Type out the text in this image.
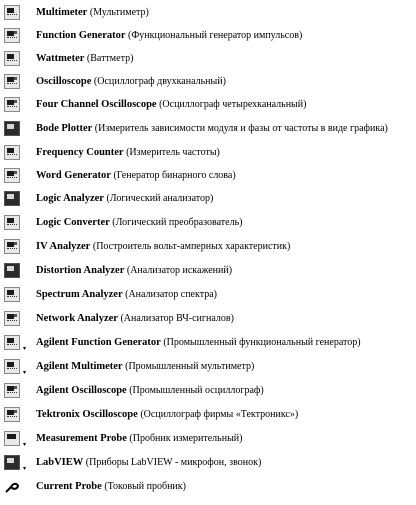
Multimeter (Мультиметр)
Function Generator (Функциональный генератор импульсов)
Wattmeter (Ваттметр)
Oscilloscope (Осциллограф двухканальный)
Four Channel Oscilloscope (Осциллограф четырехканальный)
Bode Plotter (Измеритель зависимости модуля и фазы от частоты в виде графика)
Frequency Counter (Измеритель частоты)
Word Generator (Генератор бинарного слова)
Logic Analyzer (Логический анализатор)
Logic Converter (Логический преобразователь)
IV Analyzer (Построитель вольт-амперных характеристик)
Distortion Analyzer (Анализатор искажений)
Spectrum Analyzer (Анализатор спектра)
Network Analyzer (Анализатор ВЧ-сигналов)
▾
Agilent Function Generator (Промышленный функциональный генератор)
▾
Agilent Multimeter (Промышленный мультиметр)
Agilent Oscilloscope (Промышленный осциллограф)
Tektronix Oscilloscope (Осциллограф фирмы «Тектроникс»)
▾
Measurement Probe (Пробник измерительный)
▾
LabVIEW (Приборы LabVIEW - микрофон, звонок)
Current Probe (Токовый пробник)
